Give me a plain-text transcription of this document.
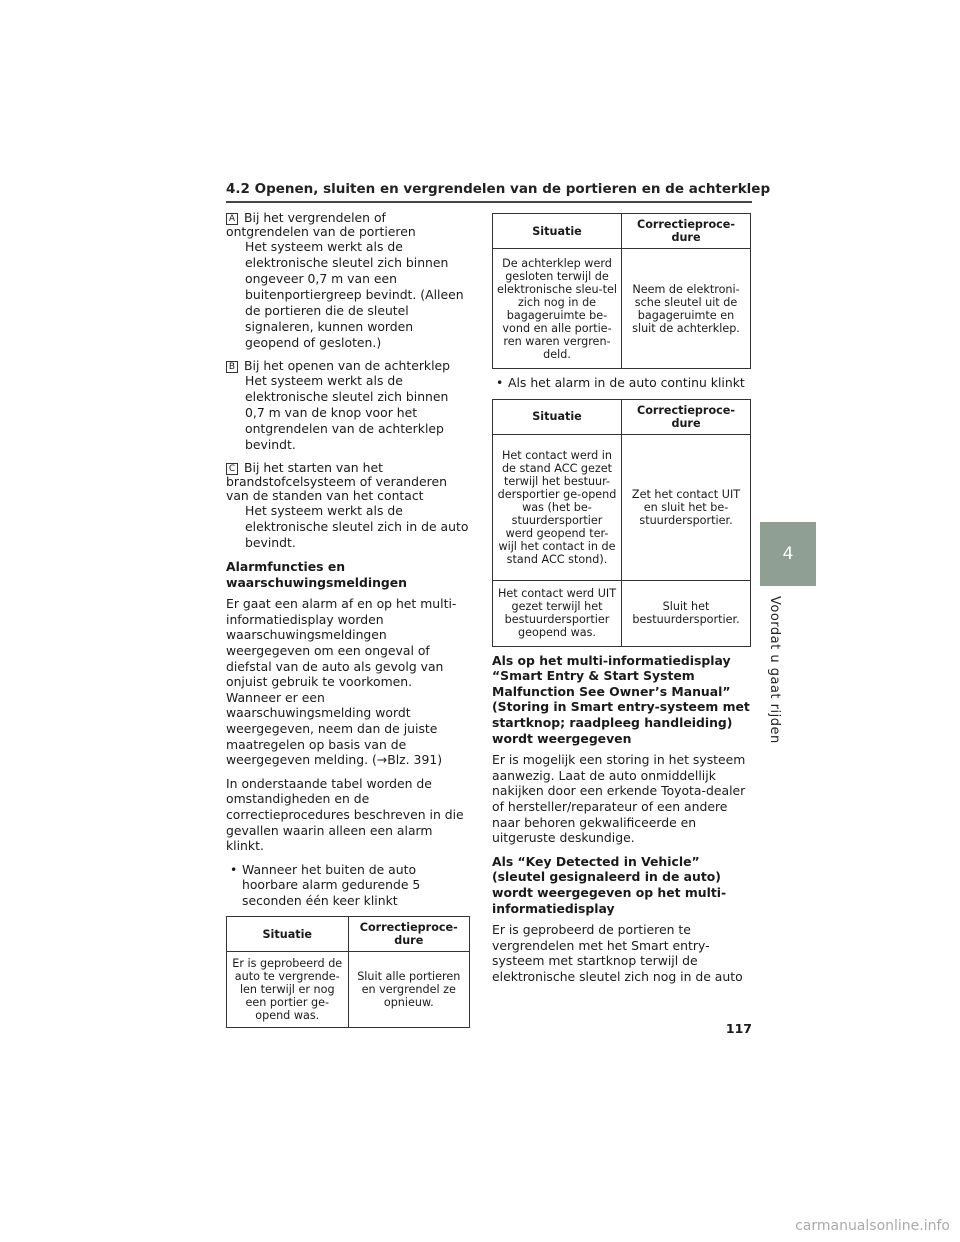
4.2 Openen, sluiten en vergrendelen van de portieren en de achterklep
A Bij het vergrendelen of ontgrendelen van de portieren
Het systeem werkt als de elektronische sleutel zich binnen ongeveer 0,7 m van een buitenportiergreep bevindt. (Alleen de portieren die de sleutel signaleren, kunnen worden geopend of gesloten.)
B Bij het openen van de achterklep
Het systeem werkt als de elektronische sleutel zich binnen 0,7 m van de knop voor het ontgrendelen van de achterklep bevindt.
C Bij het starten van het brandstofcelsysteem of veranderen van de standen van het contact
Het systeem werkt als de elektronische sleutel zich in de auto bevindt.
Alarmfuncties en waarschuwingsmeldingen
Er gaat een alarm af en op het multi-informatiedisplay worden waarschuwingsmeldingen weergegeven om een ongeval of diefstal van de auto als gevolg van onjuist gebruik te voorkomen. Wanneer er een waarschuwingsmelding wordt weergegeven, neem dan de juiste maatregelen op basis van de weergegeven melding. (→Blz. 391)
In onderstaande tabel worden de omstandigheden en de correctieprocedures beschreven in die gevallen waarin alleen een alarm klinkt.
• Wanneer het buiten de auto hoorbare alarm gedurende 5 seconden één keer klinkt
Situatie	Correctieproce-dure
Er is geprobeerd de auto te vergrende-len terwijl er nog een portier ge-opend was.	Sluit alle portieren en vergrendel ze opnieuw.
Situatie	Correctieproce-dure
De achterklep werd gesloten terwijl de elektronische sleu-tel zich nog in de bagageruimte be-vond en alle portie-ren waren vergren-deld.	Neem de elektroni-sche sleutel uit de bagageruimte en sluit de achterklep.
• Als het alarm in de auto continu klinkt
Situatie	Correctieproce-dure
Het contact werd in de stand ACC gezet terwijl het bestuur-dersportier ge-opend was (het be-stuurdersportier werd geopend ter-wijl het contact in de stand ACC stond).	Zet het contact UIT en sluit het be-stuurdersportier.
Het contact werd UIT gezet terwijl het bestuurdersportier geopend was.	Sluit het bestuurdersportier.
Als op het multi-informatiedisplay “Smart Entry & Start System Malfunction See Owner’s Manual” (Storing in Smart entry-systeem met startknop; raadpleeg handleiding) wordt weergegeven
Er is mogelijk een storing in het systeem aanwezig. Laat de auto onmiddellijk nakijken door een erkende Toyota-dealer of hersteller/reparateur of een andere naar behoren gekwalificeerde en uitgeruste deskundige.
Als “Key Detected in Vehicle” (sleutel gesignaleerd in de auto) wordt weergegeven op het multi-informatiedisplay
Er is geprobeerd de portieren te vergrendelen met het Smart entry-systeem met startknop terwijl de elektronische sleutel zich nog in de auto
4
Voordat u gaat rijden
117
carmanualsonline.info
